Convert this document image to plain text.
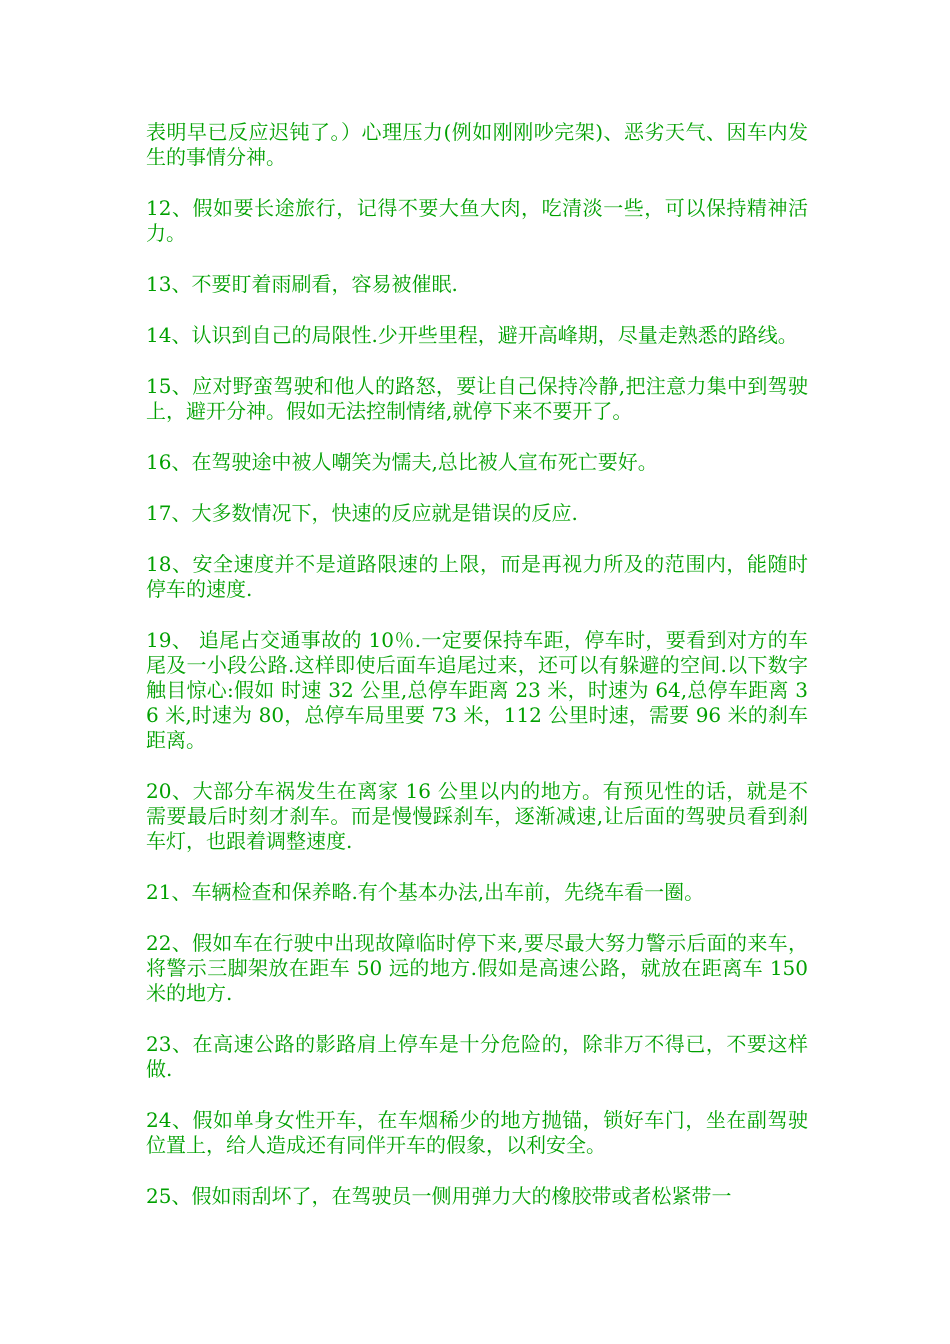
表明早已反应迟钝了。）心理压力(例如刚刚吵完架)、恶劣天气、因车内发生的事情分神。

12、假如要长途旅行，记得不要大鱼大肉，吃清淡一些，可以保持精神活力。

13、不要盯着雨刷看，容易被催眠.

14、认识到自己的局限性.少开些里程，避开高峰期，尽量走熟悉的路线。

15、应对野蛮驾驶和他人的路怒，要让自己保持冷静,把注意力集中到驾驶上，避开分神。假如无法控制情绪,就停下来不要开了。

16、在驾驶途中被人嘲笑为懦夫,总比被人宣布死亡要好。

17、大多数情况下，快速的反应就是错误的反应.

18、安全速度并不是道路限速的上限，而是再视力所及的范围内，能随时停车的速度.

19、 追尾占交通事故的 10％.一定要保持车距，停车时，要看到对方的车尾及一小段公路.这样即使后面车追尾过来，还可以有躲避的空间.以下数字触目惊心:假如 时速 32 公里,总停车距离 23 米，时速为 64,总停车距离 36 米,时速为 80，总停车局里要 73 米，112 公里时速，需要 96 米的刹车距离。

20、大部分车祸发生在离家 16 公里以内的地方。有预见性的话，就是不需要最后时刻才刹车。而是慢慢踩刹车，逐渐减速,让后面的驾驶员看到刹车灯，也跟着调整速度.

21、车辆检查和保养略.有个基本办法,出车前，先绕车看一圈。

22、假如车在行驶中出现故障临时停下来,要尽最大努力警示后面的来车，将警示三脚架放在距车 50 远的地方.假如是高速公路，就放在距离车 150 米的地方.

23、在高速公路的影路肩上停车是十分危险的，除非万不得已，不要这样做.

24、假如单身女性开车，在车烟稀少的地方抛锚，锁好车门，坐在副驾驶位置上，给人造成还有同伴开车的假象，以利安全。

25、假如雨刮坏了，在驾驶员一侧用弹力大的橡胶带或者松紧带一
